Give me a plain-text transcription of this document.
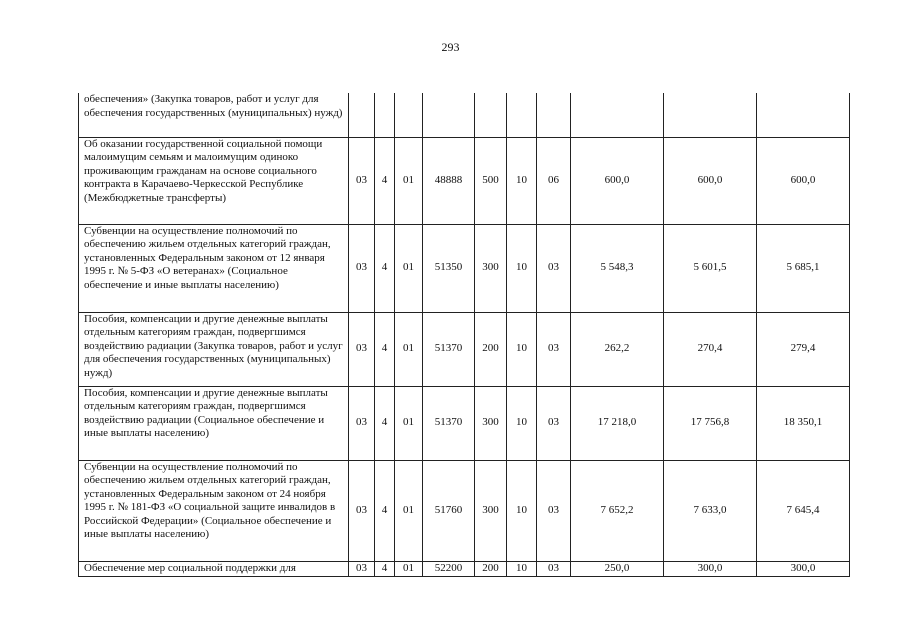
293
обеспечения» (Закупка товаров, работ и услуг для обеспечения государственных (муниципальных) нужд)										
Об оказании государственной социальной помощи малоимущим семьям и малоимущим одиноко проживающим гражданам на основе социального контракта в Карачаево-Черкесской Республике (Межбюджетные трансферты)	03	4	01	48888	500	10	06	600,0	600,0	600,0
Субвенции на осуществление полномочий по обеспечению жильем отдельных категорий граждан, установленных Федеральным законом от 12 января 1995 г. № 5-ФЗ «О ветеранах» (Социальное обеспечение и иные выплаты населению)	03	4	01	51350	300	10	03	5 548,3	5 601,5	5 685,1
Пособия, компенсации и другие денежные выплаты отдельным категориям граждан, подвергшимся воздействию радиации (Закупка товаров, работ и услуг для обеспечения государственных (муниципальных) нужд)	03	4	01	51370	200	10	03	262,2	270,4	279,4
Пособия, компенсации и другие денежные выплаты отдельным категориям граждан, подвергшимся воздействию радиации (Социальное обеспечение и иные выплаты населению)	03	4	01	51370	300	10	03	17 218,0	17 756,8	18 350,1
Субвенции на осуществление полномочий по обеспечению жильем отдельных категорий граждан, установленных Федеральным законом от 24 ноября 1995 г. № 181-ФЗ «О социальной защите инвалидов в Российской Федерации» (Социальное обеспечение и иные выплаты населению)	03	4	01	51760	300	10	03	7 652,2	7 633,0	7 645,4
Обеспечение мер социальной поддержки для	03	4	01	52200	200	10	03	250,0	300,0	300,0
